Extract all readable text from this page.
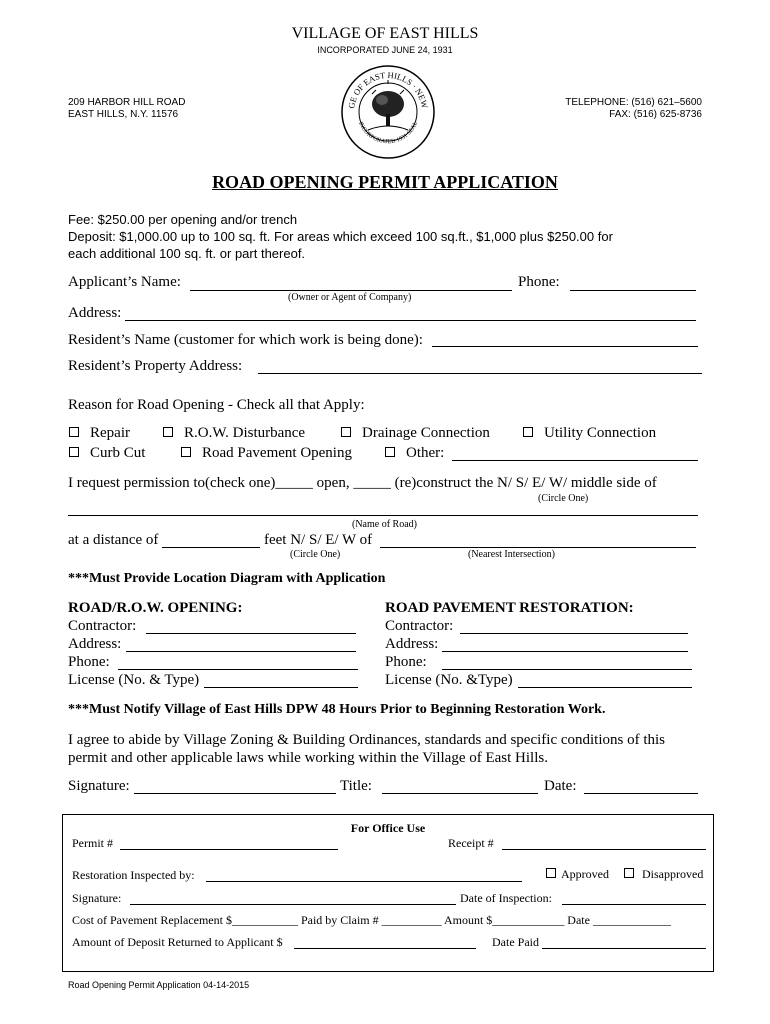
VILLAGE OF EAST HILLS
INCORPORATED JUNE 24, 1931
209 HARBOR HILL ROAD
EAST HILLS, N.Y. 11576
TELEPHONE: (516) 621–5600
FAX: (516) 625-8736
GE OF EAST HILLS · NEW
INCORPORATED 1931 SEAL
ROAD OPENING PERMIT APPLICATION
Fee: $250.00 per opening and/or trench
Deposit: $1,000.00 up to 100 sq. ft. For areas which exceed 100 sq.ft., $1,000 plus $250.00 for
each additional 100 sq. ft. or part thereof.
Applicant’s Name:	Phone:
(Owner or Agent of Company)
Address:
Resident’s Name (customer for which work is being done):
Resident’s Property Address:
Reason for Road Opening - Check all that Apply:
Repair	R.O.W. Disturbance	Drainage Connection	Utility Connection
Curb Cut	Road Pavement Opening	Other:
I request permission to(check one)_____ open, _____ (re)construct the N/ S/ E/ W/ middle side of
(Circle One)
(Name of Road)
at a distance of	feet N/ S/ E/ W of
(Circle One)	(Nearest Intersection)
***Must Provide Location Diagram with Application
ROAD/R.O.W. OPENING:
Contractor:
Address:
Phone:
License (No. & Type)
ROAD PAVEMENT RESTORATION:
Contractor:
Address:
Phone:
License (No. &Type)
***Must Notify Village of East Hills DPW 48 Hours Prior to Beginning Restoration Work.
I agree to abide by Village Zoning & Building Ordinances, standards and specific conditions of this
permit and other applicable laws while working within the Village of East Hills.
Signature:	Title:	Date:
For Office Use
Permit #	Receipt #
Restoration Inspected by:	Approved	Disapproved
Signature:	Date of Inspection:
Cost of Pavement Replacement $___________ Paid by Claim # __________ Amount $____________ Date _____________
Amount of Deposit Returned to Applicant $	Date Paid
Road Opening Permit Application 04-14-2015
